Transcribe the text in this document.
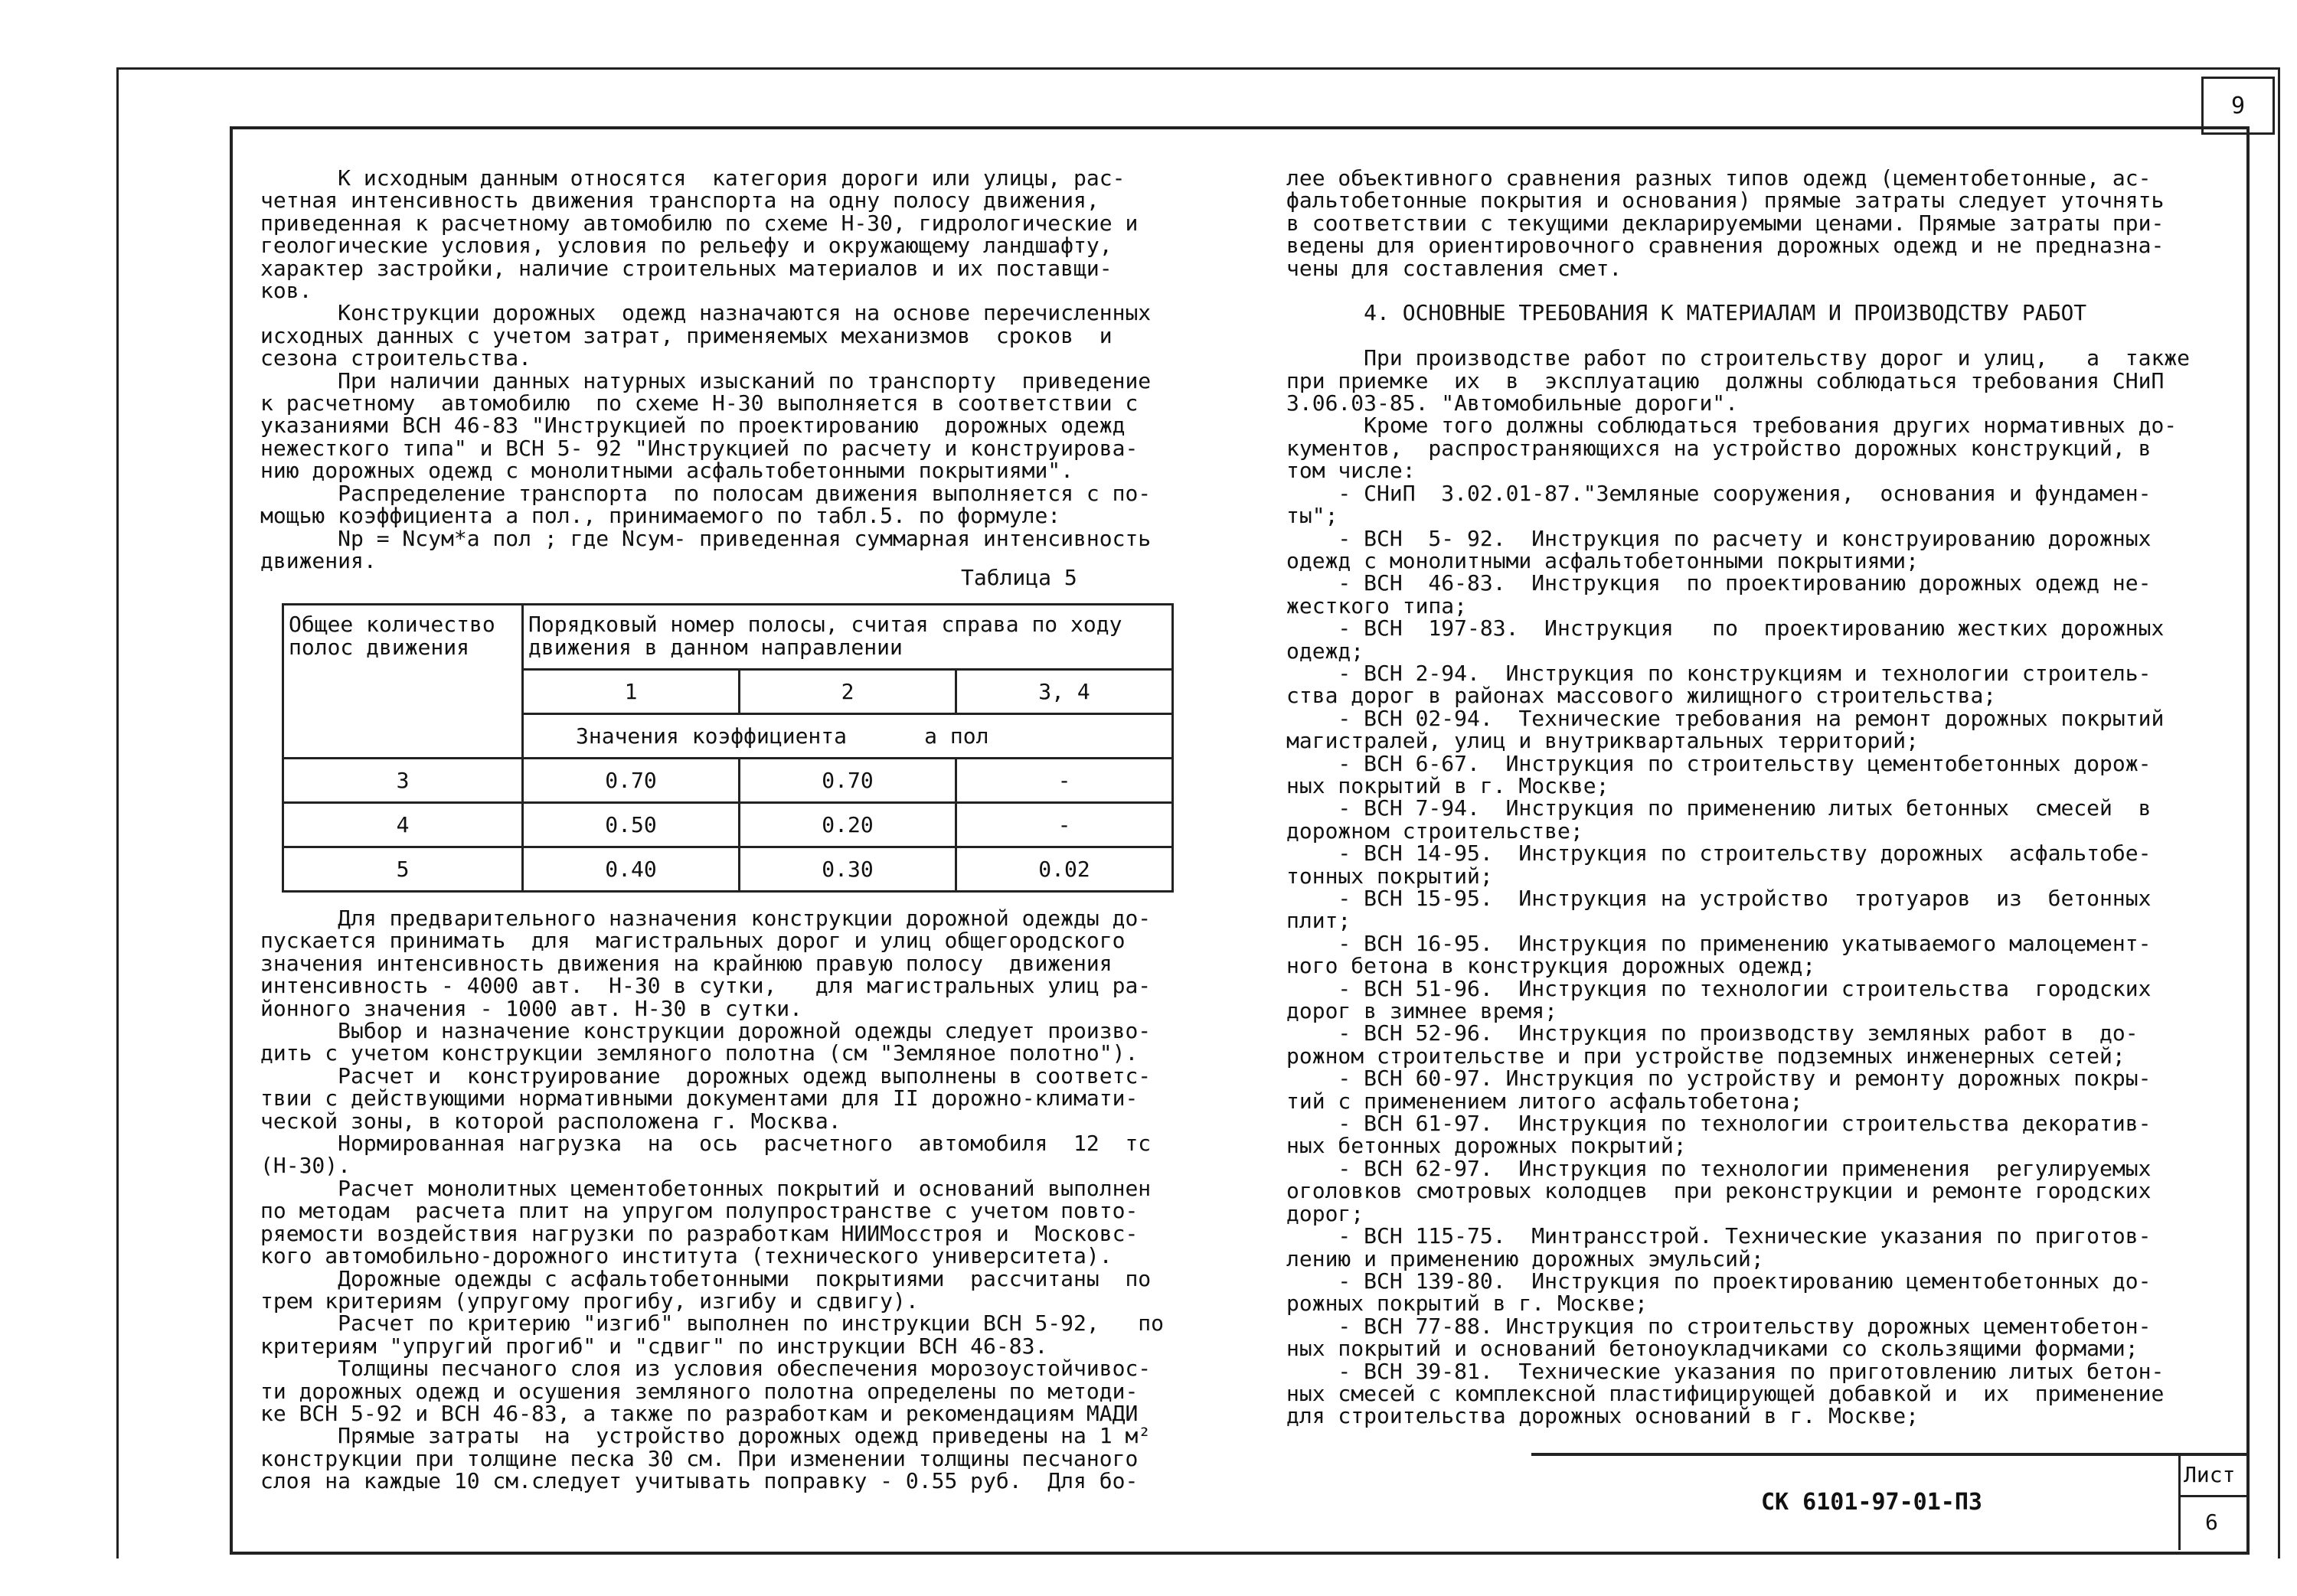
9
К исходным данным относятся  категория дороги или улицы, рас-
четная интенсивность движения транспорта на одну полосу движения,
приведенная к расчетному автомобилю по схеме Н-30, гидрологические и
геологические условия, условия по рельефу и окружающему ландшафту,
характер застройки, наличие строительных материалов и их поставщи-
ков.
Конструкции дорожных  одежд назначаются на основе перечисленных
исходных данных с учетом затрат, применяемых механизмов  сроков  и
сезона строительства.
При наличии данных натурных изысканий по транспорту  приведение
к расчетному  автомобилю  по схеме Н-30 выполняется в соответствии с
указаниями ВСН 46-83 "Инструкцией по проектированию  дорожных одежд
нежесткого типа" и ВСН 5- 92 "Инструкцией по расчету и конструирова-
нию дорожных одежд с монолитными асфальтобетонными покрытиями".
Распределение транспорта  по полосам движения выполняется с по-
мощью коэффициента a пол., принимаемого по табл.5. по формуле:
Np = Nсум*a пол ; где Nсум- приведенная суммарная интенсивность
движения.
Таблица 5
Общее количество
полос движения	Порядковый номер полосы, считая справа по ходу
движения в данном направлении		
	1	2	3, 4
	Значения коэффициента      a пол		
3	0.70	0.70	-
4	0.50	0.20	-
5	0.40	0.30	0.02
Для предварительного назначения конструкции дорожной одежды до-
пускается принимать  для  магистральных дорог и улиц общегородского
значения интенсивность движения на крайнюю правую полосу  движения
интенсивность - 4000 авт.  Н-30 в сутки,   для магистральных улиц ра-
йонного значения - 1000 авт. Н-30 в сутки.
Выбор и назначение конструкции дорожной одежды следует произво-
дить с учетом конструкции земляного полотна (см "Земляное полотно").
Расчет и  конструирование  дорожных одежд выполнены в соответс-
твии с действующими нормативными документами для II дорожно-климати-
ческой зоны, в которой расположена г. Москва.
Нормированная нагрузка  на  ось  расчетного  автомобиля  12  тс
(Н-30).
Расчет монолитных цементобетонных покрытий и оснований выполнен
по методам  расчета плит на упругом полупространстве с учетом повто-
ряемости воздействия нагрузки по разработкам НИИМосстроя и  Московс-
кого автомобильно-дорожного института (технического университета).
Дорожные одежды с асфальтобетонными  покрытиями  рассчитаны  по
трем критериям (упругому прогибу, изгибу и сдвигу).
Расчет по критерию "изгиб" выполнен по инструкции ВСН 5-92,   по
критериям "упругий прогиб" и "сдвиг" по инструкции ВСН 46-83.
Толщины песчаного слоя из условия обеспечения морозоустойчивос-
ти дорожных одежд и осушения земляного полотна определены по методи-
ке ВСН 5-92 и ВСН 46-83, а также по разработкам и рекомендациям МАДИ
Прямые затраты  на  устройство дорожных одежд приведены на 1 м²
конструкции при толщине песка 30 см. При изменении толщины песчаного
слоя на каждые 10 см.следует учитывать поправку - 0.55 руб.  Для бо-
лее объективного сравнения разных типов одежд (цементобетонные, ас-
фальтобетонные покрытия и основания) прямые затраты следует уточнять
в соответствии с текущими декларируемыми ценами. Прямые затраты при-
ведены для ориентировочного сравнения дорожных одежд и не предназна-
чены для составления смет.

4. ОСНОВНЫЕ ТРЕБОВАНИЯ К МАТЕРИАЛАМ И ПРОИЗВОДСТВУ РАБОТ

При производстве работ по строительству дорог и улиц,   а  также
при приемке  их  в  эксплуатацию  должны соблюдаться требования СНиП
3.06.03-85. "Автомобильные дороги".
Кроме того должны соблюдаться требования других нормативных до-
кументов,  распространяющихся на устройство дорожных конструкций, в
том числе:
- СНиП  3.02.01-87."Земляные сооружения,  основания и фундамен-
ты";
- ВСН  5- 92.  Инструкция по расчету и конструированию дорожных
одежд с монолитными асфальтобетонными покрытиями;
- ВСН  46-83.  Инструкция  по проектированию дорожных одежд не-
жесткого типа;
- ВСН  197-83.  Инструкция   по  проектированию жестких дорожных
одежд;
- ВСН 2-94.  Инструкция по конструкциям и технологии строитель-
ства дорог в районах массового жилищного строительства;
- ВСН 02-94.  Технические требования на ремонт дорожных покрытий
магистралей, улиц и внутриквартальных территорий;
- ВСН 6-67.  Инструкция по строительству цементобетонных дорож-
ных покрытий в г. Москве;
- ВСН 7-94.  Инструкция по применению литых бетонных  смесей  в
дорожном строительстве;
- ВСН 14-95.  Инструкция по строительству дорожных  асфальтобе-
тонных покрытий;
- ВСН 15-95.  Инструкция на устройство  тротуаров  из  бетонных
плит;
- ВСН 16-95.  Инструкция по применению укатываемого малоцемент-
ного бетона в конструкция дорожных одежд;
- ВСН 51-96.  Инструкция по технологии строительства  городских
дорог в зимнее время;
- ВСН 52-96.  Инструкция по производству земляных работ в  до-
рожном строительстве и при устройстве подземных инженерных сетей;
- ВСН 60-97. Инструкция по устройству и ремонту дорожных покры-
тий с применением литого асфальтобетона;
- ВСН 61-97.  Инструкция по технологии строительства декоратив-
ных бетонных дорожных покрытий;
- ВСН 62-97.  Инструкция по технологии применения  регулируемых
оголовков смотровых колодцев  при реконструкции и ремонте городских
дорог;
- ВСН 115-75.  Минтрансстрой. Технические указания по приготов-
лению и применению дорожных эмульсий;
- ВСН 139-80.  Инструкция по проектированию цементобетонных до-
рожных покрытий в г. Москве;
- ВСН 77-88. Инструкция по строительству дорожных цементобетон-
ных покрытий и оснований бетоноукладчиками со скользящими формами;
- ВСН 39-81.  Технические указания по приготовлению литых бетон-
ных смесей с комплексной пластифицирующей добавкой и  их  применение
для строительства дорожных оснований в г. Москве;
Лист
6
СК 6101-97-01-ПЗ
